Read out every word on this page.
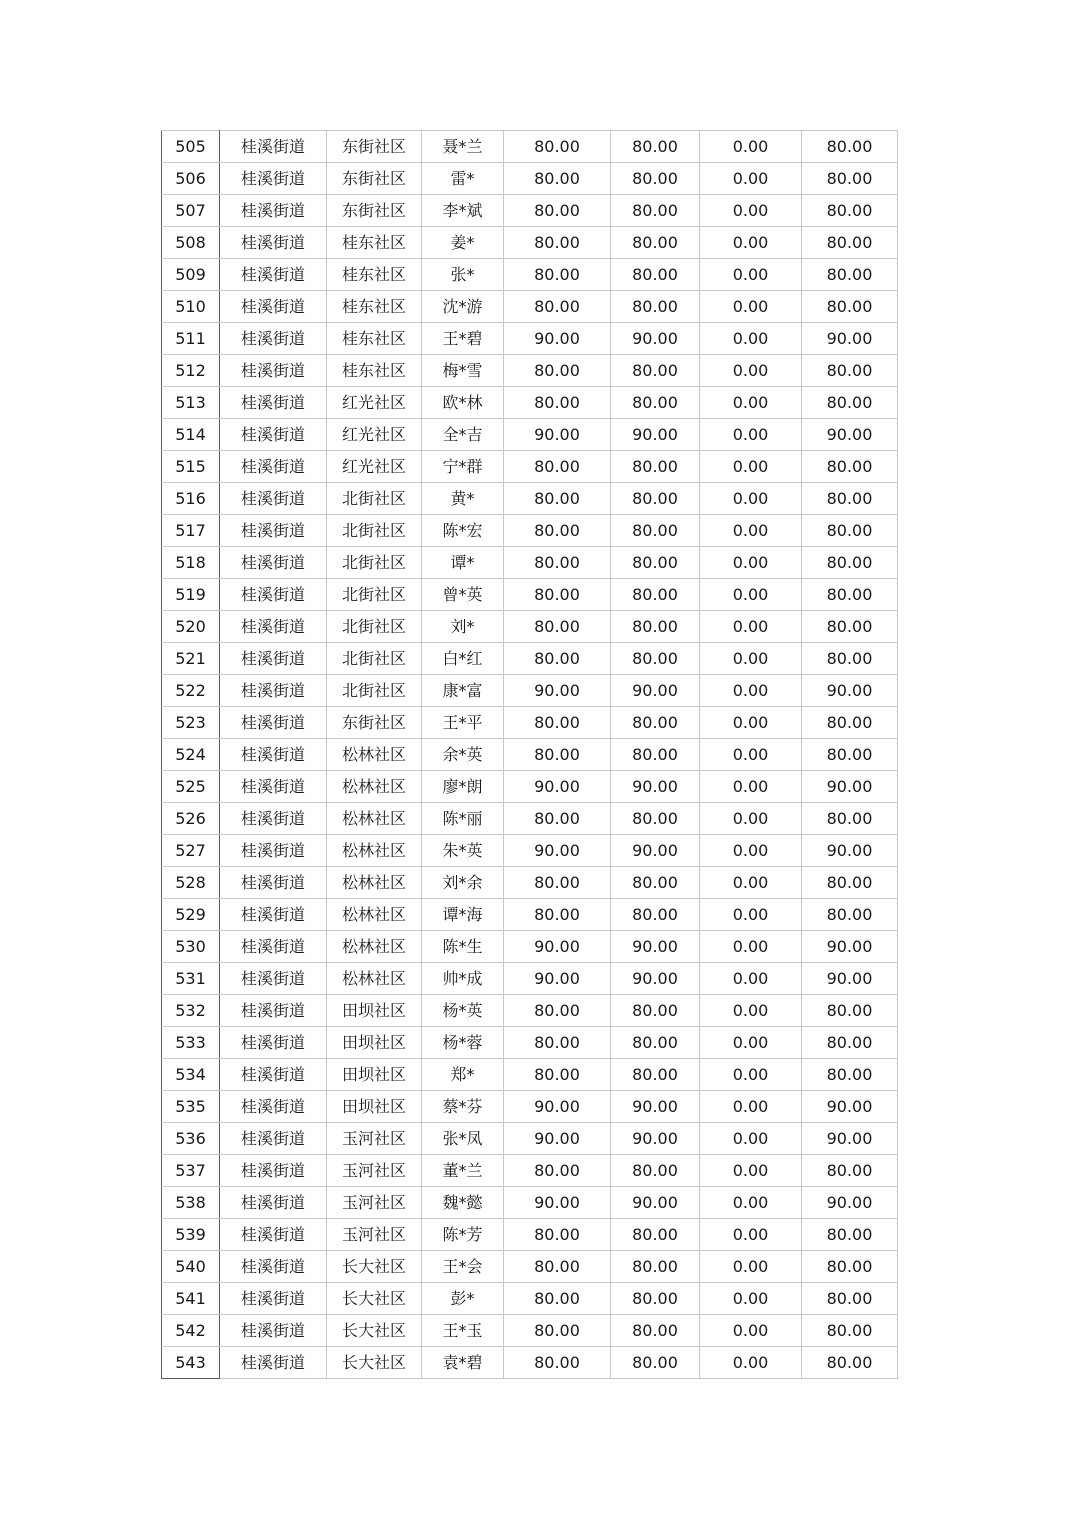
505	桂溪街道	东街社区	聂*兰	80.00	80.00	0.00	80.00
506	桂溪街道	东街社区	雷*	80.00	80.00	0.00	80.00
507	桂溪街道	东街社区	李*斌	80.00	80.00	0.00	80.00
508	桂溪街道	桂东社区	姜*	80.00	80.00	0.00	80.00
509	桂溪街道	桂东社区	张*	80.00	80.00	0.00	80.00
510	桂溪街道	桂东社区	沈*游	80.00	80.00	0.00	80.00
511	桂溪街道	桂东社区	王*碧	90.00	90.00	0.00	90.00
512	桂溪街道	桂东社区	梅*雪	80.00	80.00	0.00	80.00
513	桂溪街道	红光社区	欧*林	80.00	80.00	0.00	80.00
514	桂溪街道	红光社区	全*吉	90.00	90.00	0.00	90.00
515	桂溪街道	红光社区	宁*群	80.00	80.00	0.00	80.00
516	桂溪街道	北街社区	黄*	80.00	80.00	0.00	80.00
517	桂溪街道	北街社区	陈*宏	80.00	80.00	0.00	80.00
518	桂溪街道	北街社区	谭*	80.00	80.00	0.00	80.00
519	桂溪街道	北街社区	曾*英	80.00	80.00	0.00	80.00
520	桂溪街道	北街社区	刘*	80.00	80.00	0.00	80.00
521	桂溪街道	北街社区	白*红	80.00	80.00	0.00	80.00
522	桂溪街道	北街社区	康*富	90.00	90.00	0.00	90.00
523	桂溪街道	东街社区	王*平	80.00	80.00	0.00	80.00
524	桂溪街道	松林社区	余*英	80.00	80.00	0.00	80.00
525	桂溪街道	松林社区	廖*朗	90.00	90.00	0.00	90.00
526	桂溪街道	松林社区	陈*丽	80.00	80.00	0.00	80.00
527	桂溪街道	松林社区	朱*英	90.00	90.00	0.00	90.00
528	桂溪街道	松林社区	刘*余	80.00	80.00	0.00	80.00
529	桂溪街道	松林社区	谭*海	80.00	80.00	0.00	80.00
530	桂溪街道	松林社区	陈*生	90.00	90.00	0.00	90.00
531	桂溪街道	松林社区	帅*成	90.00	90.00	0.00	90.00
532	桂溪街道	田坝社区	杨*英	80.00	80.00	0.00	80.00
533	桂溪街道	田坝社区	杨*蓉	80.00	80.00	0.00	80.00
534	桂溪街道	田坝社区	郑*	80.00	80.00	0.00	80.00
535	桂溪街道	田坝社区	蔡*芬	90.00	90.00	0.00	90.00
536	桂溪街道	玉河社区	张*凤	90.00	90.00	0.00	90.00
537	桂溪街道	玉河社区	董*兰	80.00	80.00	0.00	80.00
538	桂溪街道	玉河社区	魏*懿	90.00	90.00	0.00	90.00
539	桂溪街道	玉河社区	陈*芳	80.00	80.00	0.00	80.00
540	桂溪街道	长大社区	王*会	80.00	80.00	0.00	80.00
541	桂溪街道	长大社区	彭*	80.00	80.00	0.00	80.00
542	桂溪街道	长大社区	王*玉	80.00	80.00	0.00	80.00
543	桂溪街道	长大社区	袁*碧	80.00	80.00	0.00	80.00
